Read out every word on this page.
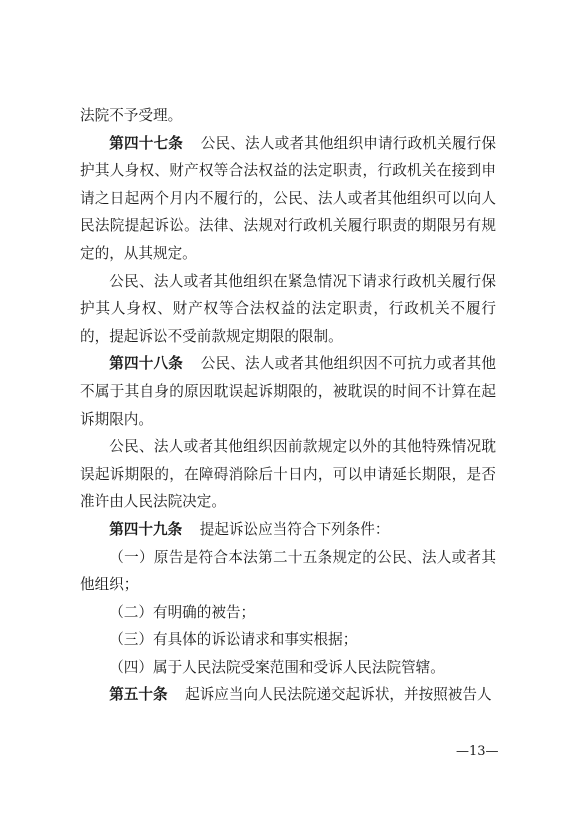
法院不予受理。

第四十七条 公民、法人或者其他组织申请行政机关履行保护其人身权、财产权等合法权益的法定职责，行政机关在接到申请之日起两个月内不履行的，公民、法人或者其他组织可以向人民法院提起诉讼。法律、法规对行政机关履行职责的期限另有规定的，从其规定。

公民、法人或者其他组织在紧急情况下请求行政机关履行保护其人身权、财产权等合法权益的法定职责，行政机关不履行的，提起诉讼不受前款规定期限的限制。

第四十八条 公民、法人或者其他组织因不可抗力或者其他不属于其自身的原因耽误起诉期限的，被耽误的时间不计算在起诉期限内。

公民、法人或者其他组织因前款规定以外的其他特殊情况耽误起诉期限的，在障碍消除后十日内，可以申请延长期限，是否准许由人民法院决定。

第四十九条 提起诉讼应当符合下列条件：

（一）原告是符合本法第二十五条规定的公民、法人或者其他组织；

（二）有明确的被告；

（三）有具体的诉讼请求和事实根据；

（四）属于人民法院受案范围和受诉人民法院管辖。

第五十条 起诉应当向人民法院递交起诉状，并按照被告人

—13—
